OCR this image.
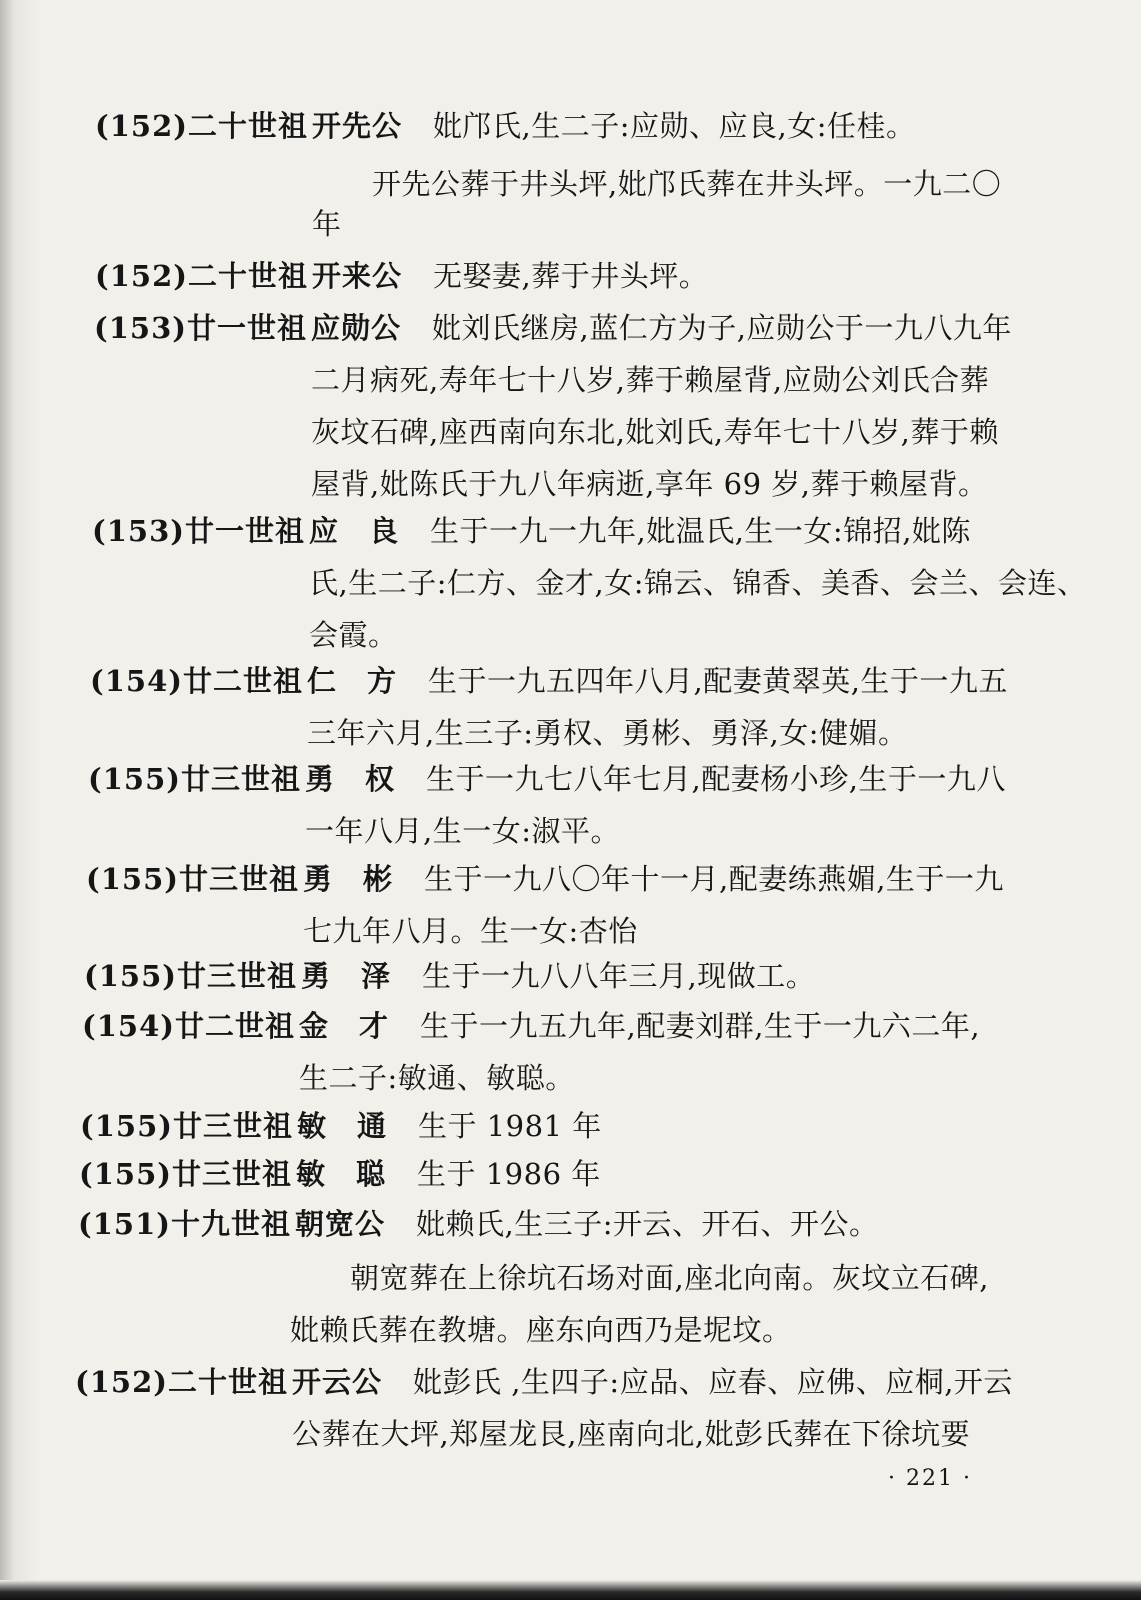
(152)二十世祖 开先公	妣邝氏,生二子:应勋、应良,女:任桂。
开先公葬于井头坪,妣邝氏葬在井头坪。一九二〇
年
(152)二十世祖 开来公	无娶妻,葬于井头坪。
(153)廿一世祖 应勋公	妣刘氏继房,蓝仁方为子,应勋公于一九八九年
二月病死,寿年七十八岁,葬于赖屋背,应勋公刘氏合葬
灰坟石碑,座西南向东北,妣刘氏,寿年七十八岁,葬于赖
屋背,妣陈氏于九八年病逝,享年 69 岁,葬于赖屋背。
(153)廿一世祖 应　良	生于一九一九年,妣温氏,生一女:锦招,妣陈
氏,生二子:仁方、金才,女:锦云、锦香、美香、会兰、会连、
会霞。
(154)廿二世祖 仁　方	生于一九五四年八月,配妻黄翠英,生于一九五
三年六月,生三子:勇权、勇彬、勇泽,女:健媚。
(155)廿三世祖 勇　权	生于一九七八年七月,配妻杨小珍,生于一九八
一年八月,生一女:淑平。
(155)廿三世祖 勇　彬	生于一九八〇年十一月,配妻练燕媚,生于一九
七九年八月。生一女:杏怡
(155)廿三世祖 勇　泽	生于一九八八年三月,现做工。
(154)廿二世祖 金　才	生于一九五九年,配妻刘群,生于一九六二年,
生二子:敏通、敏聪。
(155)廿三世祖 敏　通	生于 1981 年
(155)廿三世祖 敏　聪	生于 1986 年
(151)十九世祖 朝宽公	妣赖氏,生三子:开云、开石、开公。
朝宽葬在上徐坑石场对面,座北向南。灰坟立石碑,
妣赖氏葬在教塘。座东向西乃是坭坟。
(152)二十世祖 开云公	妣彭氏 ,生四子:应品、应春、应佛、应桐,开云
公葬在大坪,郑屋龙艮,座南向北,妣彭氏葬在下徐坑要
· 221 ·
